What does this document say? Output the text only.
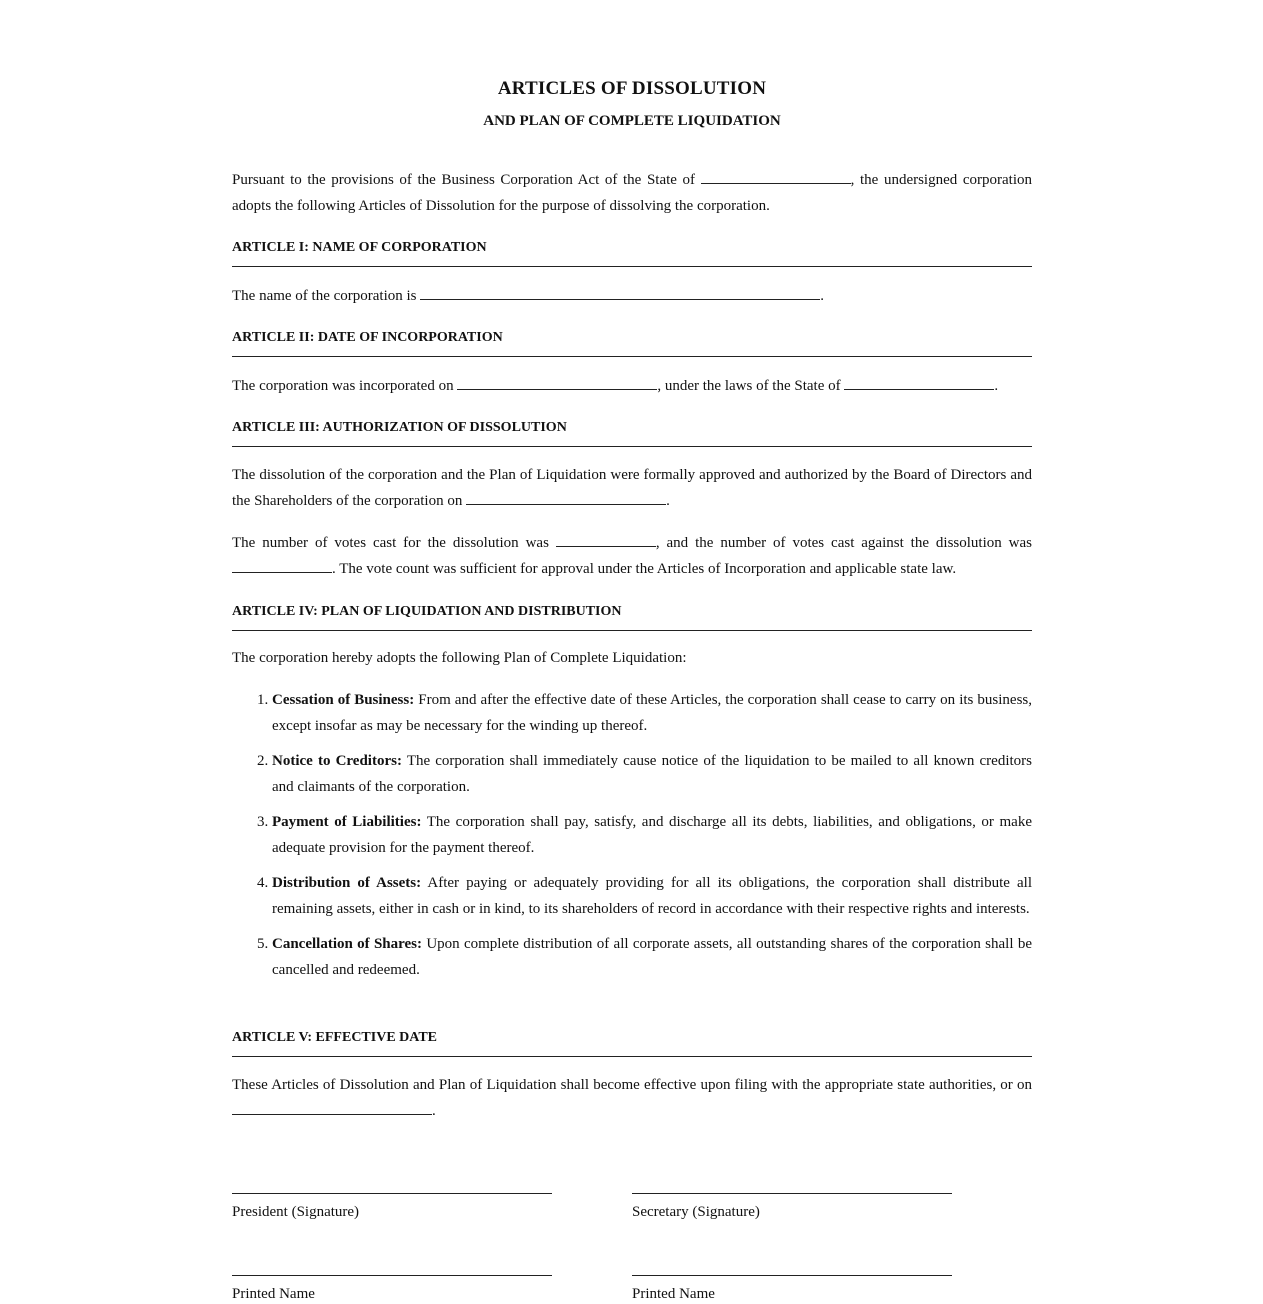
ARTICLES OF DISSOLUTION
AND PLAN OF COMPLETE LIQUIDATION
Pursuant to the provisions of the Business Corporation Act of the State of	, the undersigned corporation adopts the following Articles of Dissolution for the purpose of dissolving the corporation.
ARTICLE I: NAME OF CORPORATION
The name of the corporation is	.
ARTICLE II: DATE OF INCORPORATION
The corporation was incorporated on	, under the laws of the State of	.
ARTICLE III: AUTHORIZATION OF DISSOLUTION
The dissolution of the corporation and the Plan of Liquidation were formally approved and authorized by the Board of Directors and the Shareholders of the corporation on	.
The number of votes cast for the dissolution was	, and the number of votes cast against the dissolution was . The vote count was sufficient for approval under the Articles of Incorporation and applicable state law.
ARTICLE IV: PLAN OF LIQUIDATION AND DISTRIBUTION
The corporation hereby adopts the following Plan of Complete Liquidation:
1. Cessation of Business: From and after the effective date of these Articles, the corporation shall cease to carry on its business, except insofar as may be necessary for the winding up thereof.
2. Notice to Creditors: The corporation shall immediately cause notice of the liquidation to be mailed to all known creditors and claimants of the corporation.
3. Payment of Liabilities: The corporation shall pay, satisfy, and discharge all its debts, liabilities, and obligations, or make adequate provision for the payment thereof.
4. Distribution of Assets: After paying or adequately providing for all its obligations, the corporation shall distribute all remaining assets, either in cash or in kind, to its shareholders of record in accordance with their respective rights and interests.
5. Cancellation of Shares: Upon complete distribution of all corporate assets, all outstanding shares of the corporation shall be cancelled and redeemed.
ARTICLE V: EFFECTIVE DATE
These Articles of Dissolution and Plan of Liquidation shall become effective upon filing with the appropriate state authorities, or on .
President (Signature)	Secretary (Signature)
Printed Name	Printed Name
